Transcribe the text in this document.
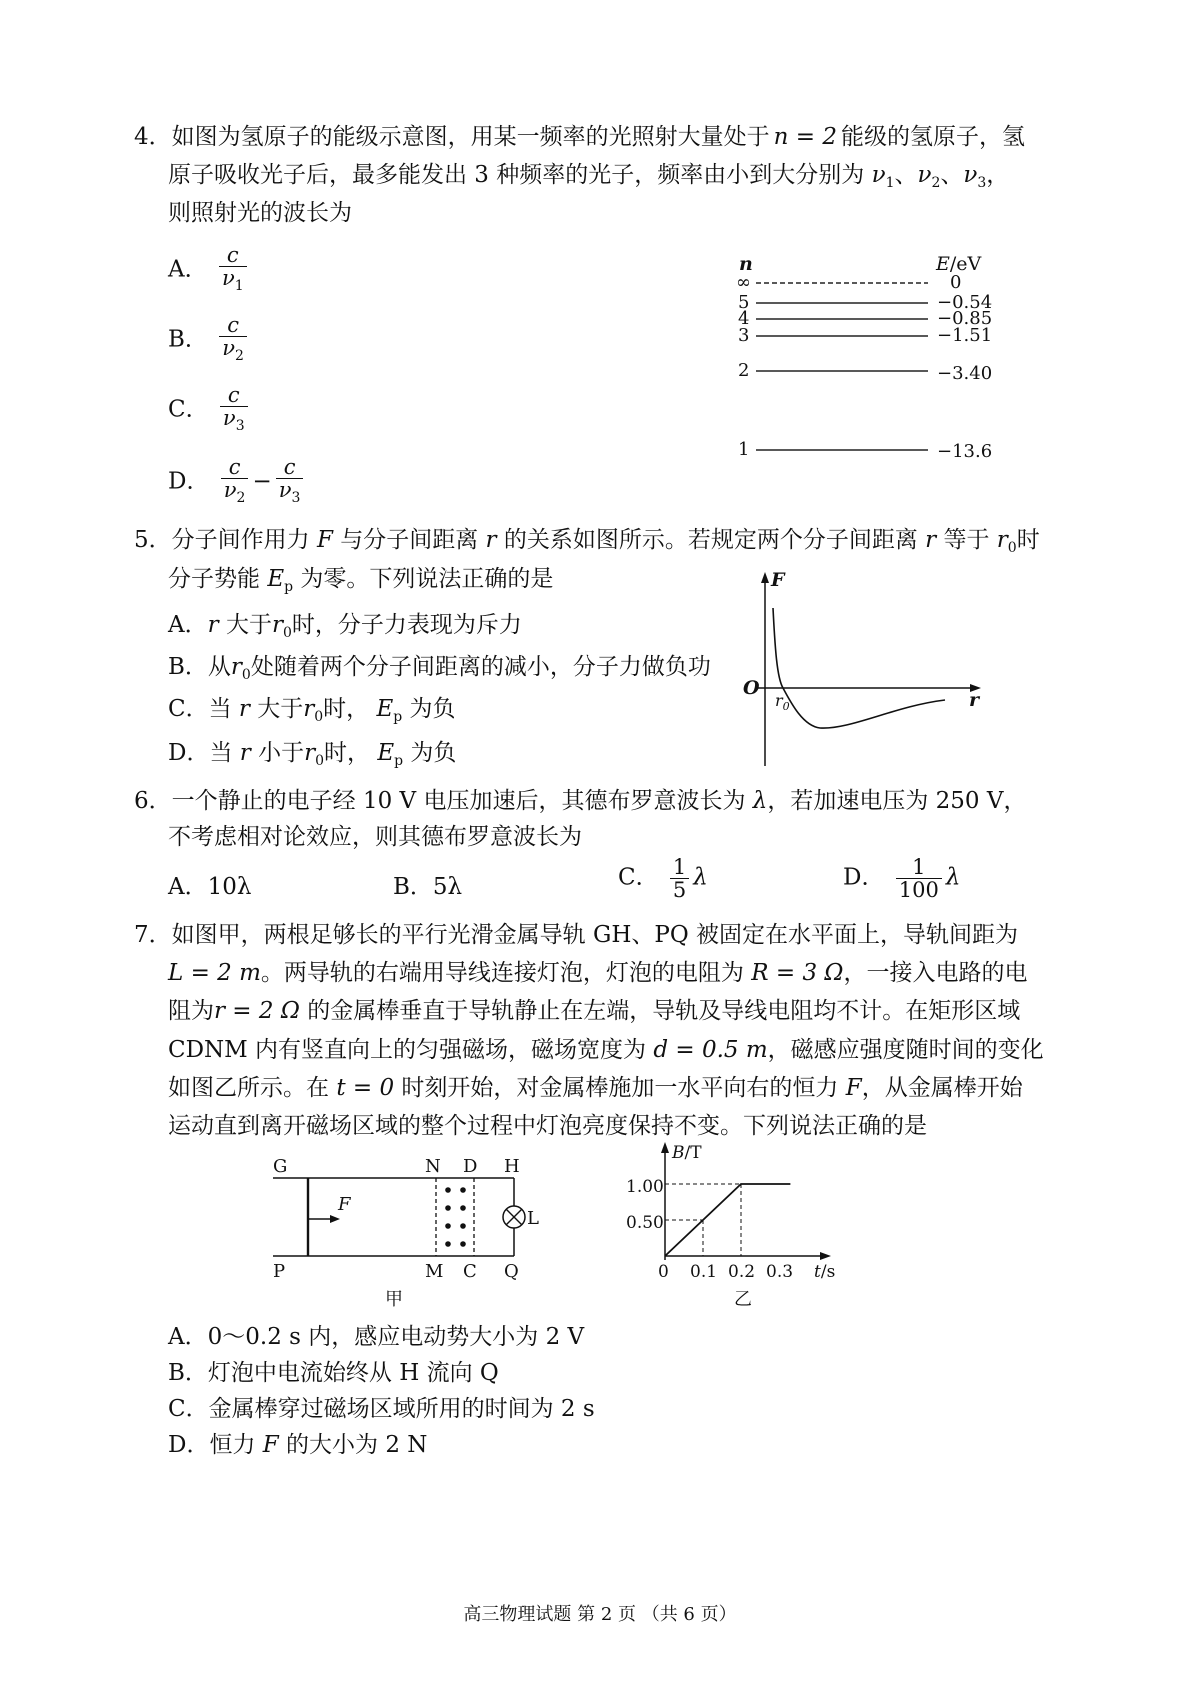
4．如图为氢原子的能级示意图，用某一频率的光照射大量处于 n = 2 能级的氢原子，氢
原子吸收光子后，最多能发出 3 种频率的光子，频率由小到大分别为 $\nu_1$、$\nu_2$、$\nu_3$，
则照射光的波长为
A． $\frac{c}{\nu_1}$
B． $\frac{c}{\nu_2}$
C． $\frac{c}{\nu_3}$
D． $\frac{c}{\nu_2} - \frac{c}{\nu_3}$
n	E/eV
∞	0
5	−0.54
4	−0.85
3	−1.51
2	−3.40
1	−13.6
5．分子间作用力 F 与分子间距离 r 的关系如图所示。若规定两个分子间距离 r 等于 $r_0$时
分子势能 $E_p$ 为零。下列说法正确的是
A．r 大于$r_0$时，分子力表现为斥力
B．从$r_0$处随着两个分子间距离的减小，分子力做负功
C．当 r 大于$r_0$时， $E_p$ 为负
D．当 r 小于$r_0$时， $E_p$ 为负
F
r
O
$r_0$
6．一个静止的电子经 10 V 电压加速后，其德布罗意波长为 λ，若加速电压为 250 V，
不考虑相对论效应，则其德布罗意波长为
A．10λ	B．5λ	C． $\frac{1}{5}$ λ	D． $\frac{1}{100}$ λ
7．如图甲，两根足够长的平行光滑金属导轨 GH、PQ 被固定在水平面上，导轨间距为
L = 2 m。两导轨的右端用导线连接灯泡，灯泡的电阻为 R = 3 Ω，一接入电路的电
阻为r = 2 Ω 的金属棒垂直于导轨静止在左端，导轨及导线电阻均不计。在矩形区域
CDNM 内有竖直向上的匀强磁场，磁场宽度为 d = 0.5 m，磁感应强度随时间的变化
如图乙所示。在 t = 0 时刻开始，对金属棒施加一水平向右的恒力 F，从金属棒开始
运动直到离开磁场区域的整个过程中灯泡亮度保持不变。下列说法正确的是
G	N D H
P	M C Q
L
F
甲
B/T
t/s
1.00
0.50
0 0.1 0.2 0.3
乙
A．0～0.2 s 内，感应电动势大小为 2 V
B．灯泡中电流始终从 H 流向 Q
C．金属棒穿过磁场区域所用的时间为 2 s
D．恒力 F 的大小为 2 N
高三物理试题 第 2 页 （共 6 页）
